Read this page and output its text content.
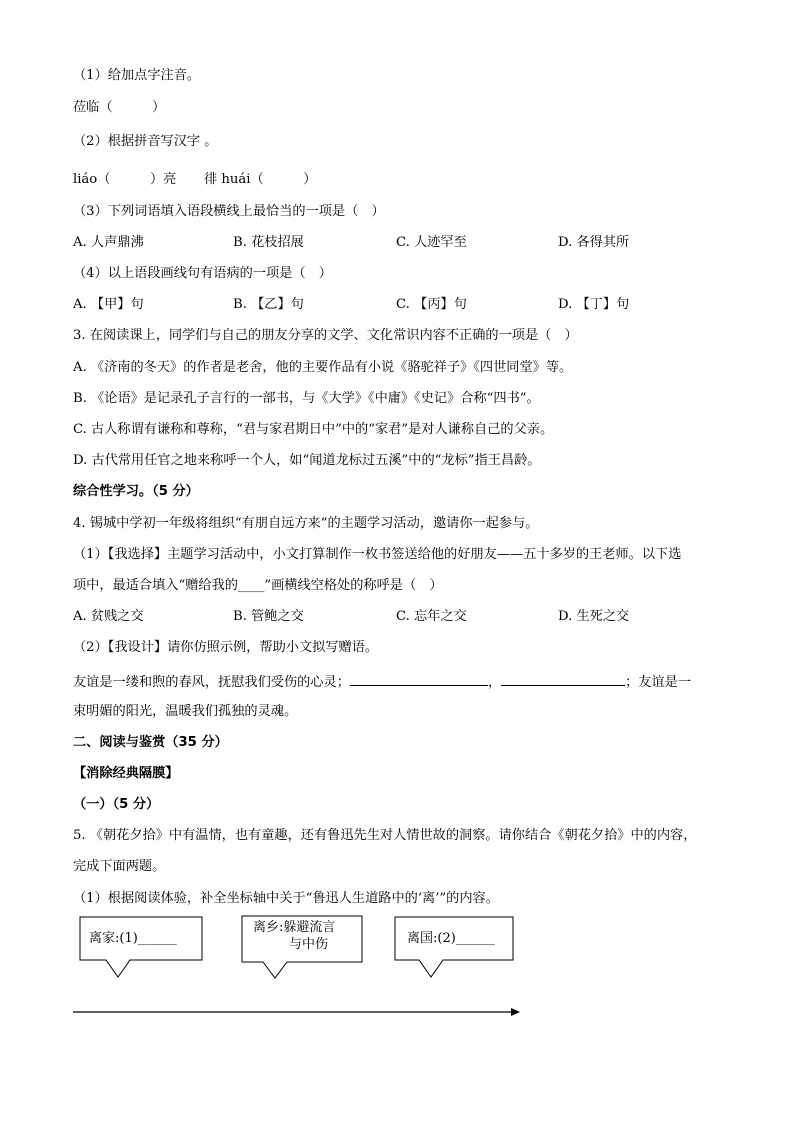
（1）给加点字注音。
莅临（　　　）
（2）根据拼音写汉字 。
liáo（　　　）亮 徘 huái（　　　）
（3）下列词语填入语段横线上最恰当的一项是（　）
A. 人声鼎沸	B. 花枝招展	C. 人迹罕至	D. 各得其所
（4）以上语段画线句有语病的一项是（　）
A. 【甲】句	B. 【乙】句	C. 【丙】句	D. 【丁】句
3. 在阅读课上，同学们与自己的朋友分享的文学、文化常识内容不正确的一项是（　）
A. 《济南的冬天》的作者是老舍，他的主要作品有小说《骆驼祥子》《四世同堂》等。
B. 《论语》是记录孔子言行的一部书，与《大学》《中庸》《史记》合称“四书”。
C. 古人称谓有谦称和尊称，“君与家君期日中”中的“家君”是对人谦称自己的父亲。
D. 古代常用任官之地来称呼一个人，如“闻道龙标过五溪”中的“龙标”指王昌龄。
综合性学习。（5 分）
4. 锡城中学初一年级将组织“有朋自远方来”的主题学习活动，邀请你一起参与。
（1）【我选择】主题学习活动中，小文打算制作一枚书签送给他的好朋友——五十多岁的王老师。以下选
项中，最适合填入“赠给我的____”画横线空格处的称呼是（　）
A. 贫贱之交	B. 管鲍之交	C. 忘年之交	D. 生死之交
（2）【我设计】请你仿照示例，帮助小文拟写赠语。
友谊是一缕和煦的春风，抚慰我们受伤的心灵；	，	；友谊是一
束明媚的阳光，温暖我们孤独的灵魂。
二、阅读与鉴赏（35 分）
【消除经典隔膜】
（一）（5 分）
5. 《朝花夕拾》中有温情，也有童趣，还有鲁迅先生对人情世故的洞察。请你结合《朝花夕拾》中的内容，
完成下面两题。
（1）根据阅读体验，补全坐标轴中关于“鲁迅人生道路中的‘离’”的内容。
离家:(1)______
离乡:躲避流言
与中伤	离国:(2)______
